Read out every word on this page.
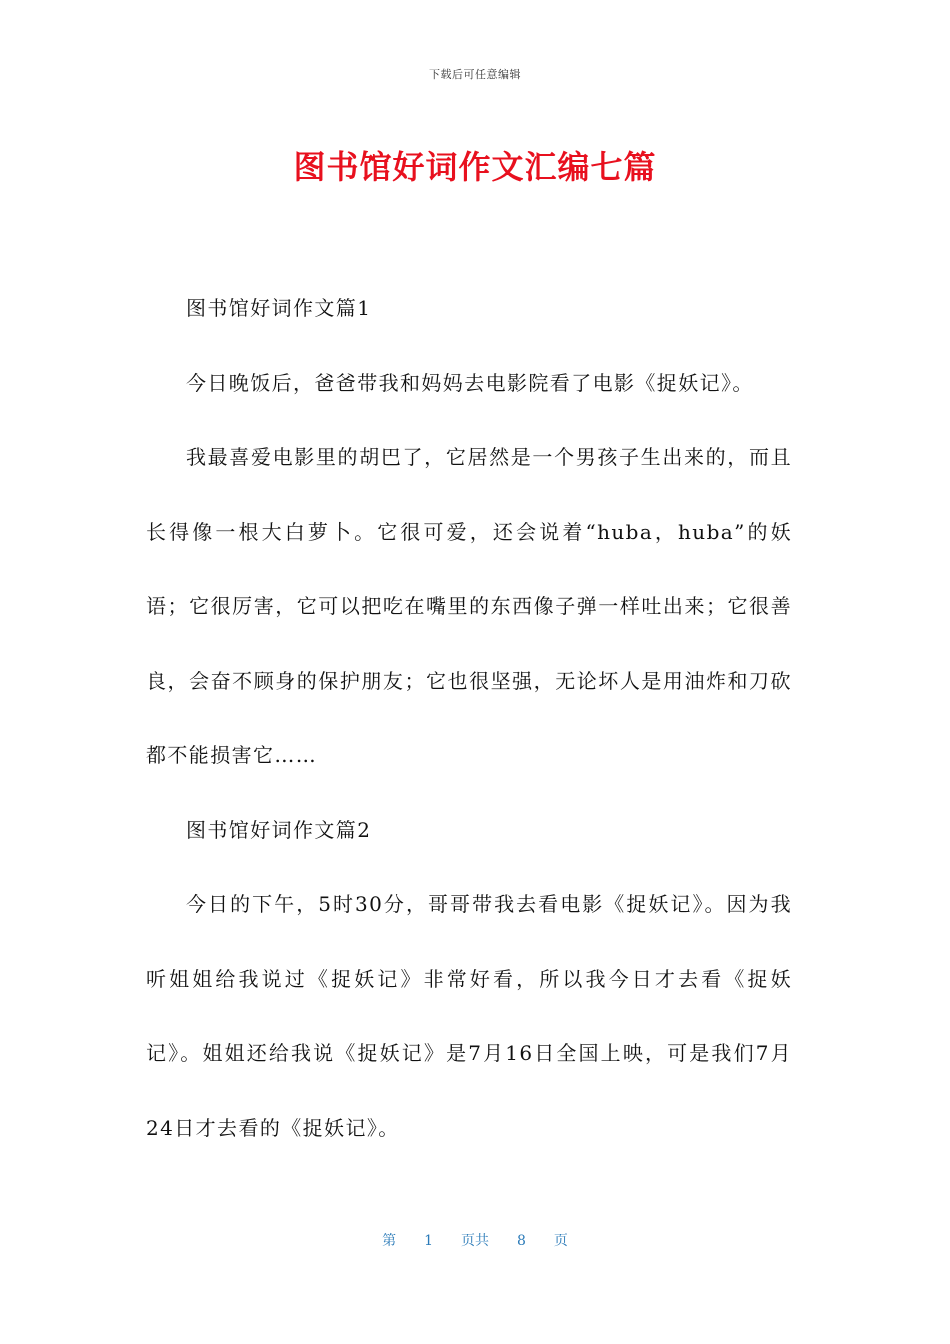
下载后可任意编辑
图书馆好词作文汇编七篇

图书馆好词作文篇1

今日晚饭后，爸爸带我和妈妈去电影院看了电影《捉妖记》。

我最喜爱电影里的胡巴了，它居然是一个男孩子生出来的，而且长得像一根大白萝卜。它很可爱，还会说着“huba，huba”的妖语；它很厉害，它可以把吃在嘴里的东西像子弹一样吐出来；它很善良，会奋不顾身的保护朋友；它也很坚强，无论坏人是用油炸和刀砍都不能损害它……

图书馆好词作文篇2

今日的下午，5时30分，哥哥带我去看电影《捉妖记》。因为我听姐姐给我说过《捉妖记》非常好看，所以我今日才去看《捉妖记》。姐姐还给我说《捉妖记》是7月16日全国上映，可是我们7月24日才去看的《捉妖记》。

第 1 页共 8 页
